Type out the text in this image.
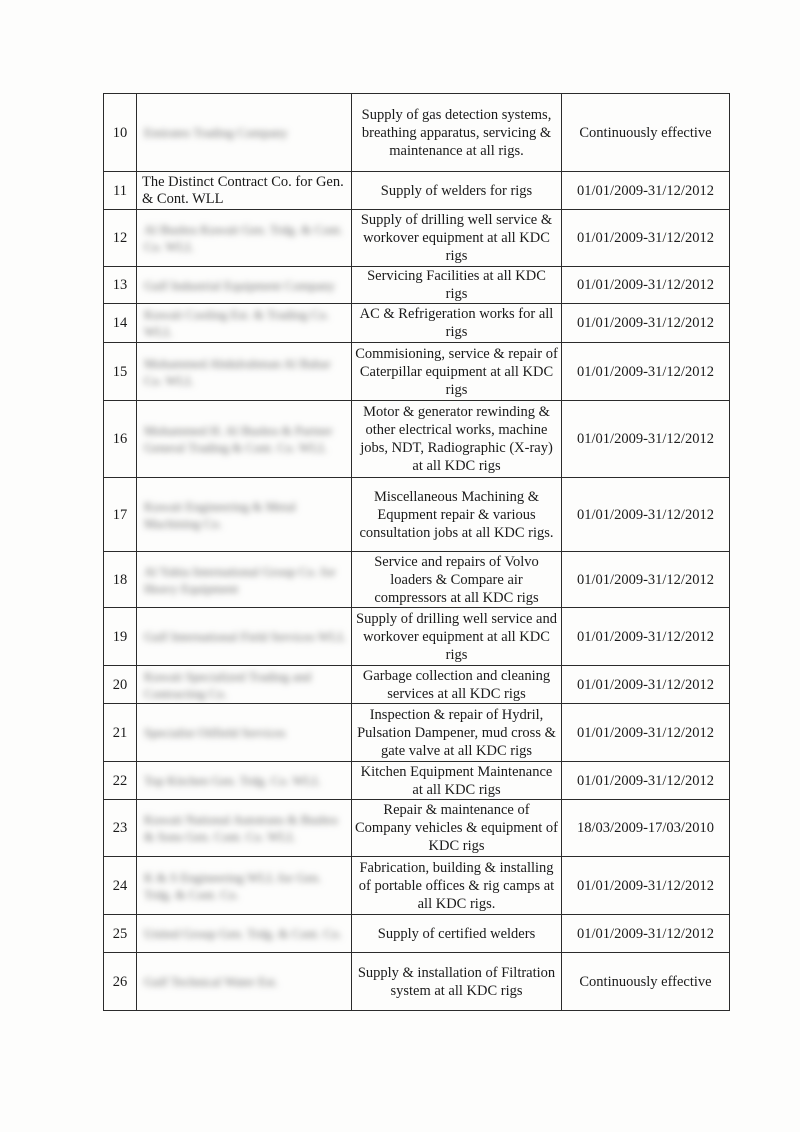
10	Emirates Trading Company	Supply of gas detection systems, breathing apparatus, servicing & maintenance at all rigs.	Continuously effective
11	The Distinct Contract Co. for Gen. & Cont. WLL	Supply of welders for rigs	01/01/2009-31/12/2012
12	Al Bushra Kuwait Gen. Trdg. & Cont. Co. WLL	Supply of drilling well service & workover equipment at all KDC rigs	01/01/2009-31/12/2012
13	Gulf Industrial Equipment Company	Servicing Facilities at all KDC rigs	01/01/2009-31/12/2012
14	Kuwait Cooling Est. & Trading Co. WLL	AC & Refrigeration works for all rigs	01/01/2009-31/12/2012
15	Mohammed Abdulrahman Al Bahar Co. WLL	Commisioning, service & repair of Caterpillar equipment at all KDC rigs	01/01/2009-31/12/2012
16	Mohammed H. Al Bushra & Partner General Trading & Cont. Co. WLL	Motor & generator rewinding & other electrical works, machine jobs, NDT, Radiographic (X-ray) at all KDC rigs	01/01/2009-31/12/2012
17	Kuwait Engineering & Metal Machining Co.	Miscellaneous Machining & Equpment repair & various consultation jobs at all KDC rigs.	01/01/2009-31/12/2012
18	Al Yahia International Group Co. for Heavy Equipment	Service and repairs of Volvo loaders & Compare air compressors at all KDC rigs	01/01/2009-31/12/2012
19	Gulf International Field Services WLL	Supply of drilling well service and workover equipment at all KDC rigs	01/01/2009-31/12/2012
20	Kuwait Specialized Trading and Contracting Co.	Garbage collection and cleaning services at all KDC rigs	01/01/2009-31/12/2012
21	Specialist Oilfield Services	Inspection & repair of Hydril, Pulsation Dampener, mud cross & gate valve at all KDC rigs	01/01/2009-31/12/2012
22	Top Kitchen Gen. Trdg. Co. WLL	Kitchen Equipment Maintenance at all KDC rigs	01/01/2009-31/12/2012
23	Kuwait National Autotrans & Bushra & Sons Gen. Cont. Co. WLL	Repair & maintenance of Company vehicles & equipment of KDC rigs	18/03/2009-17/03/2010
24	K & S Engineering WLL for Gen. Trdg. & Cont. Co.	Fabrication, building & installing of portable offices & rig camps at all KDC rigs.	01/01/2009-31/12/2012
25	United Group Gen. Trdg. & Cont. Co.	Supply of certified welders	01/01/2009-31/12/2012
26	Gulf Technical Water Est.	Supply & installation of Filtration system at all KDC rigs	Continuously effective
